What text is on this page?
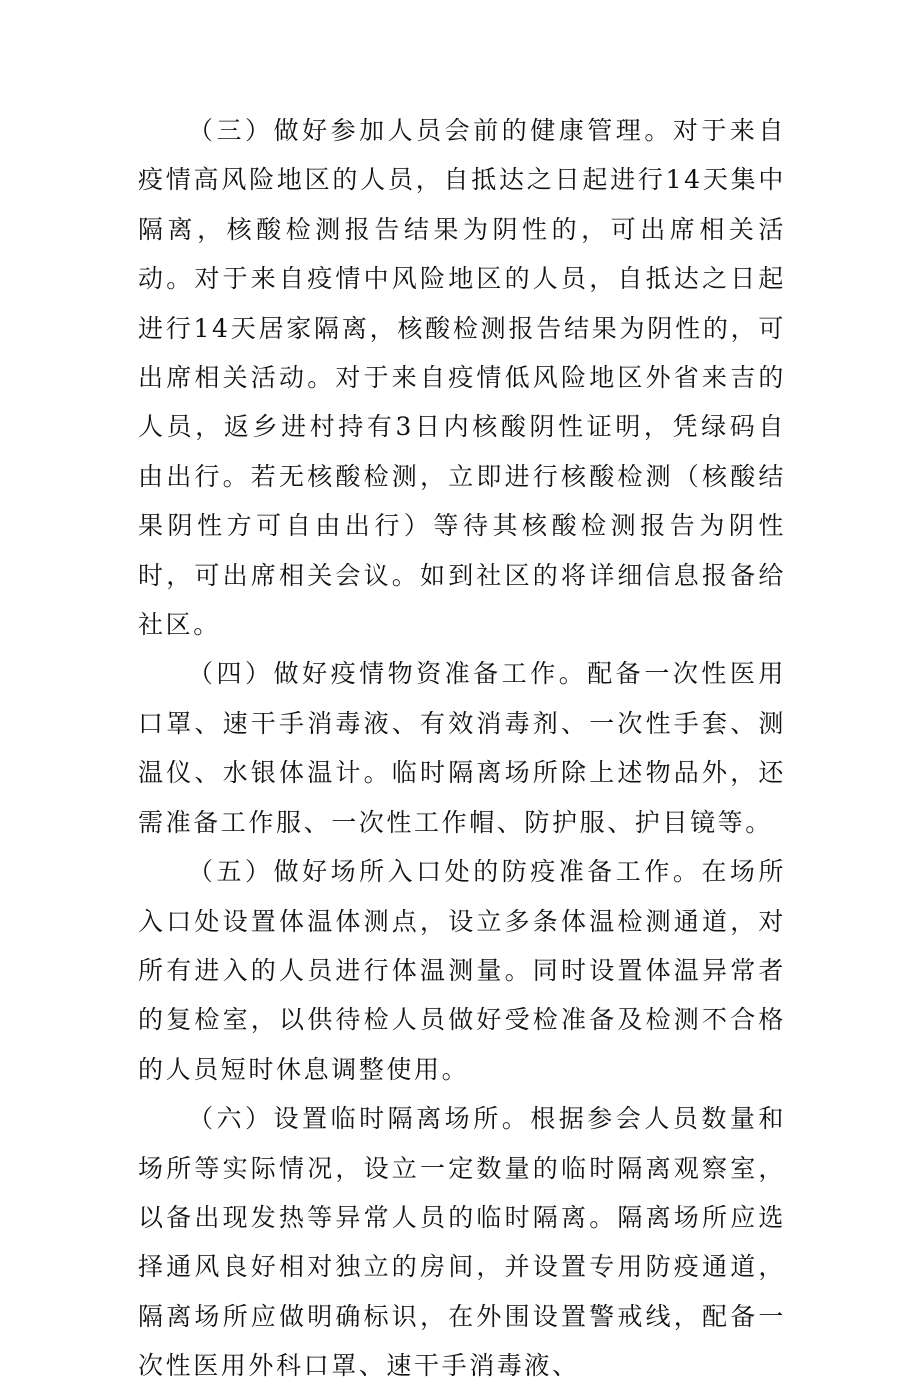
（三）做好参加人员会前的健康管理。对于来自疫情高风险地区的人员，自抵达之日起进行14天集中隔离，核酸检测报告结果为阴性的，可出席相关活动。对于来自疫情中风险地区的人员，自抵达之日起进行14天居家隔离，核酸检测报告结果为阴性的，可出席相关活动。对于来自疫情低风险地区外省来吉的人员，返乡进村持有3日内核酸阴性证明，凭绿码自由出行。若无核酸检测，立即进行核酸检测（核酸结果阴性方可自由出行）等待其核酸检测报告为阴性时，可出席相关会议。如到社区的将详细信息报备给社区。

（四）做好疫情物资准备工作。配备一次性医用口罩、速干手消毒液、有效消毒剂、一次性手套、测温仪、水银体温计。临时隔离场所除上述物品外，还需准备工作服、一次性工作帽、防护服、护目镜等。

（五）做好场所入口处的防疫准备工作。在场所入口处设置体温体测点，设立多条体温检测通道，对所有进入的人员进行体温测量。同时设置体温异常者的复检室，以供待检人员做好受检准备及检测不合格的人员短时休息调整使用。

（六）设置临时隔离场所。根据参会人员数量和场所等实际情况，设立一定数量的临时隔离观察室，以备出现发热等异常人员的临时隔离。隔离场所应选择通风良好相对独立的房间，并设置专用防疫通道，隔离场所应做明确标识，在外围设置警戒线，配备一次性医用外科口罩、速干手消毒液、
